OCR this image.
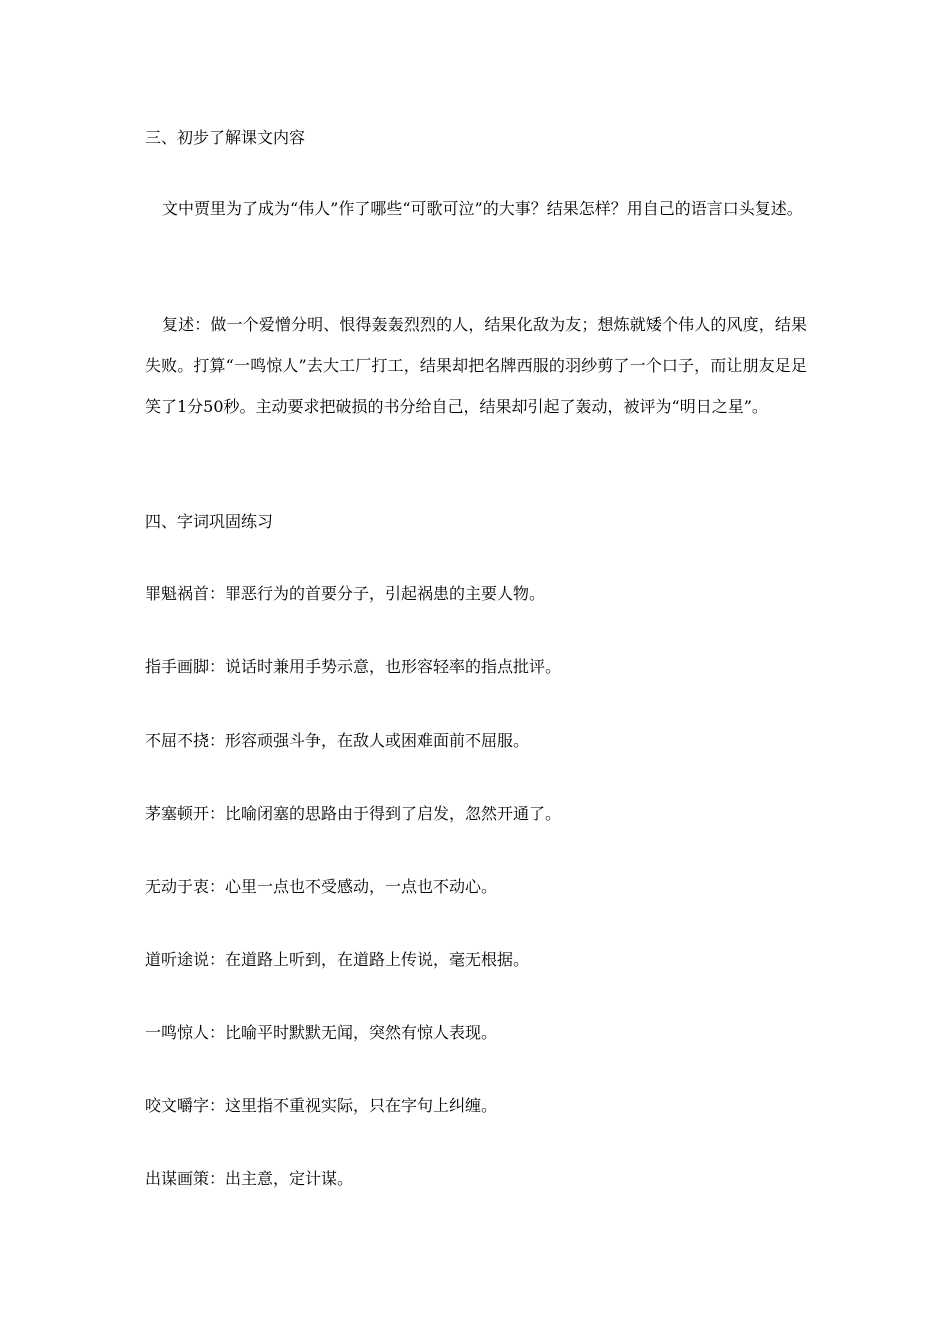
三、初步了解课文内容
文中贾里为了成为“伟人”作了哪些“可歌可泣”的大事？结果怎样？用自己的语言口头复述。
复述：做一个爱憎分明、恨得轰轰烈烈的人，结果化敌为友；想炼就矮个伟人的风度，结果失败。打算“一鸣惊人”去大工厂打工，结果却把名牌西服的羽纱剪了一个口子，而让朋友足足笑了1分50秒。主动要求把破损的书分给自己，结果却引起了轰动，被评为“明日之星”。
四、字词巩固练习
罪魁祸首：罪恶行为的首要分子，引起祸患的主要人物。
指手画脚：说话时兼用手势示意，也形容轻率的指点批评。
不屈不挠：形容顽强斗争，在敌人或困难面前不屈服。
茅塞顿开：比喻闭塞的思路由于得到了启发，忽然开通了。
无动于衷：心里一点也不受感动，一点也不动心。
道听途说：在道路上听到，在道路上传说，毫无根据。
一鸣惊人：比喻平时默默无闻，突然有惊人表现。
咬文嚼字：这里指不重视实际，只在字句上纠缠。
出谋画策：出主意，定计谋。
